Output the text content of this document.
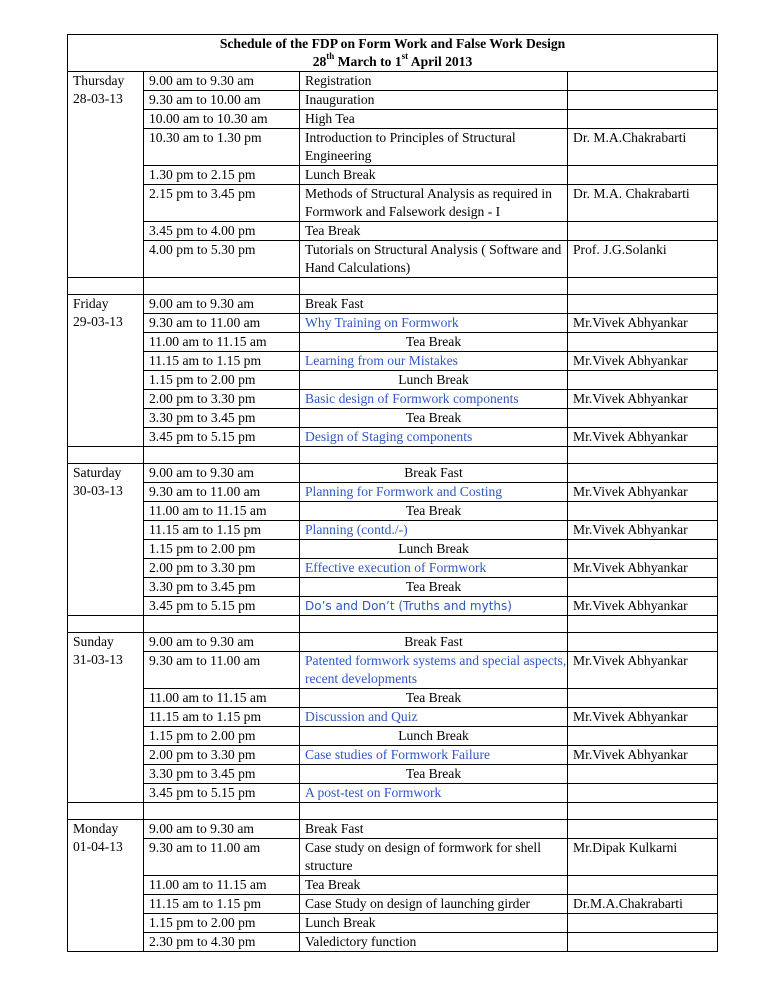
Schedule of the FDP on Form Work and False Work Design
28th March to 1st April 2013			

Thursday
28-03-13	9.00 am to 9.30 am	Registration	
	9.30 am to 10.00 am	Inauguration	
	10.00 am to 10.30 am	High Tea	
	10.30 am to 1.30 pm	Introduction to Principles of Structural Engineering	Dr. M.A.Chakrabarti
	1.30 pm to 2.15 pm	Lunch Break	
	2.15 pm to 3.45 pm	Methods of Structural Analysis as required in Formwork and Falsework design - I	Dr. M.A. Chakrabarti
	3.45 pm to 4.00 pm	Tea Break	
	4.00 pm to 5.30 pm	Tutorials on Structural Analysis ( Software and Hand Calculations)	Prof. J.G.Solanki

Friday
29-03-13	9.00 am to 9.30 am	Break Fast	
	9.30 am to 11.00 am	Why Training on Formwork	Mr.Vivek Abhyankar
	11.00 am to 11.15 am	Tea Break	
	11.15 am to 1.15 pm	Learning from our Mistakes	Mr.Vivek Abhyankar
	1.15 pm to 2.00 pm	Lunch Break	
	2.00 pm to 3.30 pm	Basic design of Formwork components	Mr.Vivek Abhyankar
	3.30 pm to 3.45 pm	Tea Break	
	3.45 pm to 5.15 pm	Design of Staging components	Mr.Vivek Abhyankar

Saturday
30-03-13	9.00 am to 9.30 am	Break Fast	
	9.30 am to 11.00 am	Planning for Formwork and Costing	Mr.Vivek Abhyankar
	11.00 am to 11.15 am	Tea Break	
	11.15 am to 1.15 pm	Planning (contd./-)	Mr.Vivek Abhyankar
	1.15 pm to 2.00 pm	Lunch Break	
	2.00 pm to 3.30 pm	Effective execution of Formwork	Mr.Vivek Abhyankar
	3.30 pm to 3.45 pm	Tea Break	
	3.45 pm to 5.15 pm	Do’s and Don’t (Truths and myths)	Mr.Vivek Abhyankar

Sunday
31-03-13	9.00 am to 9.30 am	Break Fast	
	9.30 am to 11.00 am	Patented formwork systems and special aspects, recent developments	Mr.Vivek Abhyankar
	11.00 am to 11.15 am	Tea Break	
	11.15 am to 1.15 pm	Discussion and Quiz	Mr.Vivek Abhyankar
	1.15 pm to 2.00 pm	Lunch Break	
	2.00 pm to 3.30 pm	Case studies of Formwork Failure	Mr.Vivek Abhyankar
	3.30 pm to 3.45 pm	Tea Break	
	3.45 pm to 5.15 pm	A post-test on Formwork	

Monday
01-04-13	9.00 am to 9.30 am	Break Fast	
	9.30 am to 11.00 am	Case study on design of formwork for shell structure	Mr.Dipak Kulkarni
	11.00 am to 11.15 am	Tea Break	
	11.15 am to 1.15 pm	Case Study on design of launching girder	Dr.M.A.Chakrabarti
	1.15 pm to 2.00 pm	Lunch Break	
	2.30 pm to 4.30 pm	Valedictory function	
